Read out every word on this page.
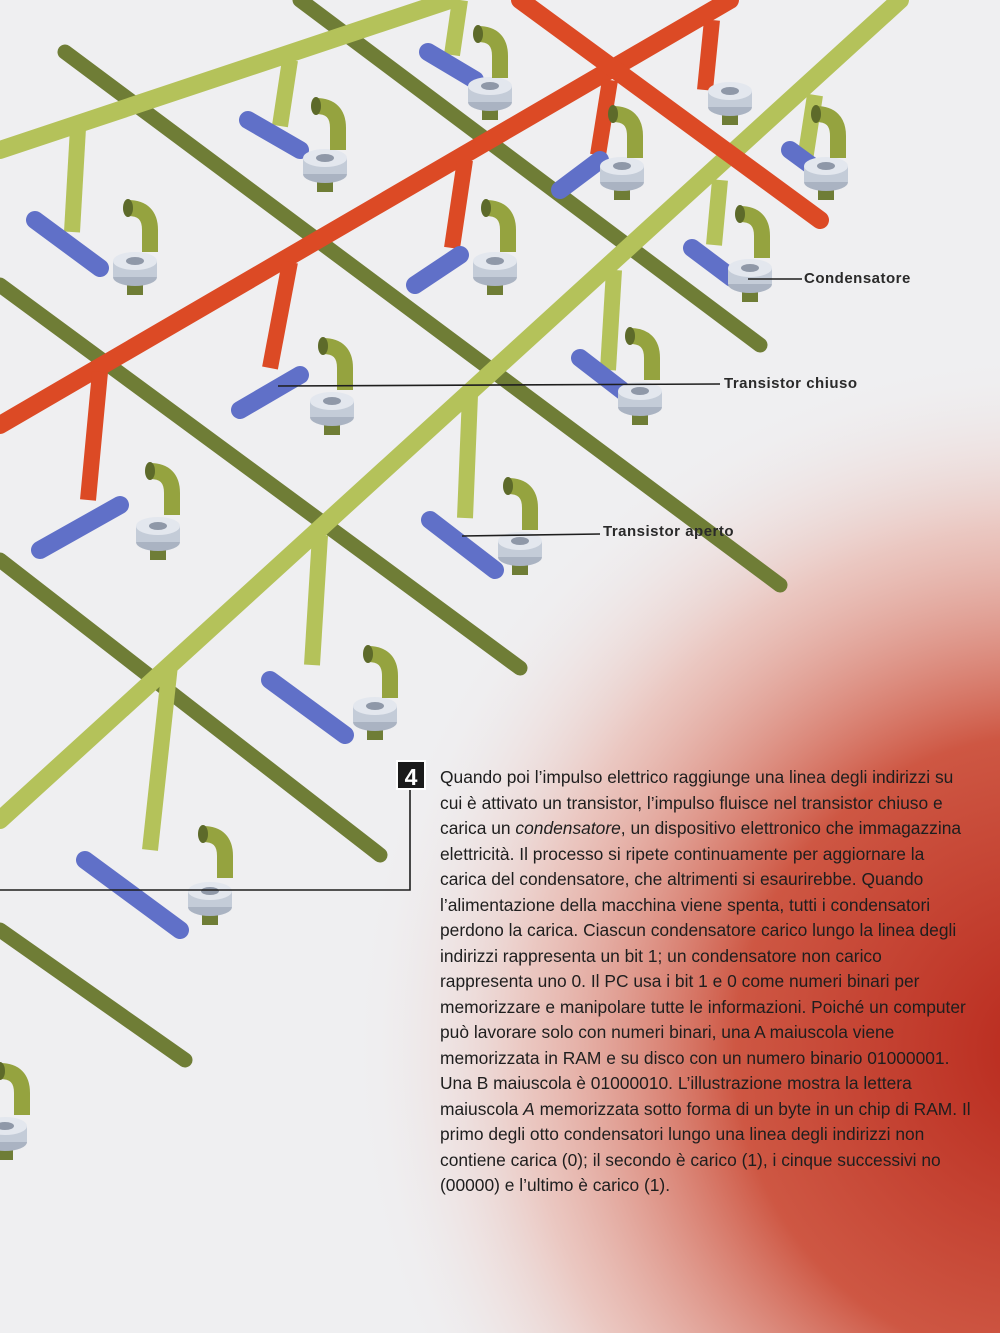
Condensatore
Transistor chiuso
Transistor aperto
4	Quando poi l’impulso elettrico raggiunge una linea degli indirizzi su cui è attivato un transistor, l’impulso fluisce nel transistor chiuso e carica un condensatore, un dispositivo elettronico che immagazzina elettricità. Il processo si ripete continuamente per aggiornare la carica del condensatore, che altrimenti si esaurirebbe. Quando l’alimentazione della macchina viene spenta, tutti i condensatori perdono la carica. Ciascun condensatore carico lungo la linea degli indirizzi rappresenta un bit 1; un condensatore non carico rappresenta uno 0. Il PC usa i bit 1 e 0 come numeri binari per memorizzare e manipolare tutte le informazioni. Poiché un computer può lavorare solo con numeri binari, una A maiuscola viene memorizzata in RAM e su disco con un numero binario 01000001. Una B maiuscola è 01000010. L’illustrazione mostra la lettera maiuscola A memorizzata sotto forma di un byte in un chip di RAM. Il primo degli otto condensatori lungo una linea degli indirizzi non contiene carica (0); il secondo è carico (1), i cinque successivi no (00000) e l’ultimo è carico (1).
